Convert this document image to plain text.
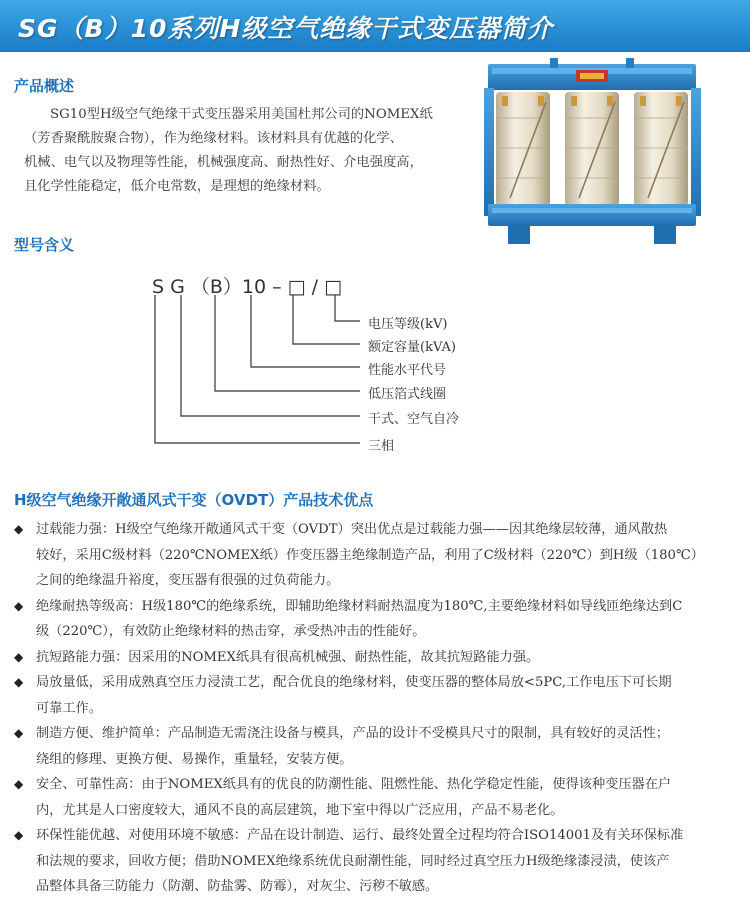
SG（B）10系列H级空气绝缘干式变压器简介
产品概述
SG10型H级空气绝缘干式变压器采用美国杜邦公司的NOMEX纸
（芳香聚酰胺聚合物），作为绝缘材料。该材料具有优越的化学、
机械、电气以及物理等性能，机械强度高、耐热性好、介电强度高，
且化学性能稳定，低介电常数，是理想的绝缘材料。
型号含义
S G （B）10 – □ / □
电压等级(kV)
额定容量(kVA)
性能水平代号
低压箔式线圈
干式、空气自冷
三相
H级空气绝缘开敞通风式干变（OVDT）产品技术优点
◆ 过载能力强：H级空气绝缘开敞通风式干变（OVDT）突出优点是过载能力强——因其绝缘层较薄，通风散热
较好，采用C级材料（220℃NOMEX纸）作变压器主绝缘制造产品，利用了C级材料（220℃）到H级（180℃）
之间的绝缘温升裕度，变压器有很强的过负荷能力。
◆ 绝缘耐热等级高：H级180℃的绝缘系统，即辅助绝缘材料耐热温度为180℃,主要绝缘材料如导线匝绝缘达到C
级（220℃），有效防止绝缘材料的热击穿，承受热冲击的性能好。
◆ 抗短路能力强：因采用的NOMEX纸具有很高机械强、耐热性能，故其抗短路能力强。
◆ 局放量低，采用成熟真空压力浸渍工艺，配合优良的绝缘材料，使变压器的整体局放<5PC,工作电压下可长期
可靠工作。
◆ 制造方便、维护简单：产品制造无需浇注设备与模具，产品的设计不受模具尺寸的限制，具有较好的灵活性；
绕组的修理、更换方便、易操作，重量轻，安装方便。
◆ 安全、可靠性高：由于NOMEX纸具有的优良的防潮性能、阻燃性能、热化学稳定性能，使得该种变压器在户
内，尤其是人口密度较大，通风不良的高层建筑，地下室中得以广泛应用，产品不易老化。
◆ 环保性能优越、对使用环境不敏感：产品在设计制造、运行、最终处置全过程均符合ISO14001及有关环保标准
和法规的要求，回收方便；借助NOMEX绝缘系统优良耐潮性能，同时经过真空压力H级绝缘漆浸渍，使该产
品整体具备三防能力（防潮、防盐雾、防霉），对灰尘、污秽不敏感。
